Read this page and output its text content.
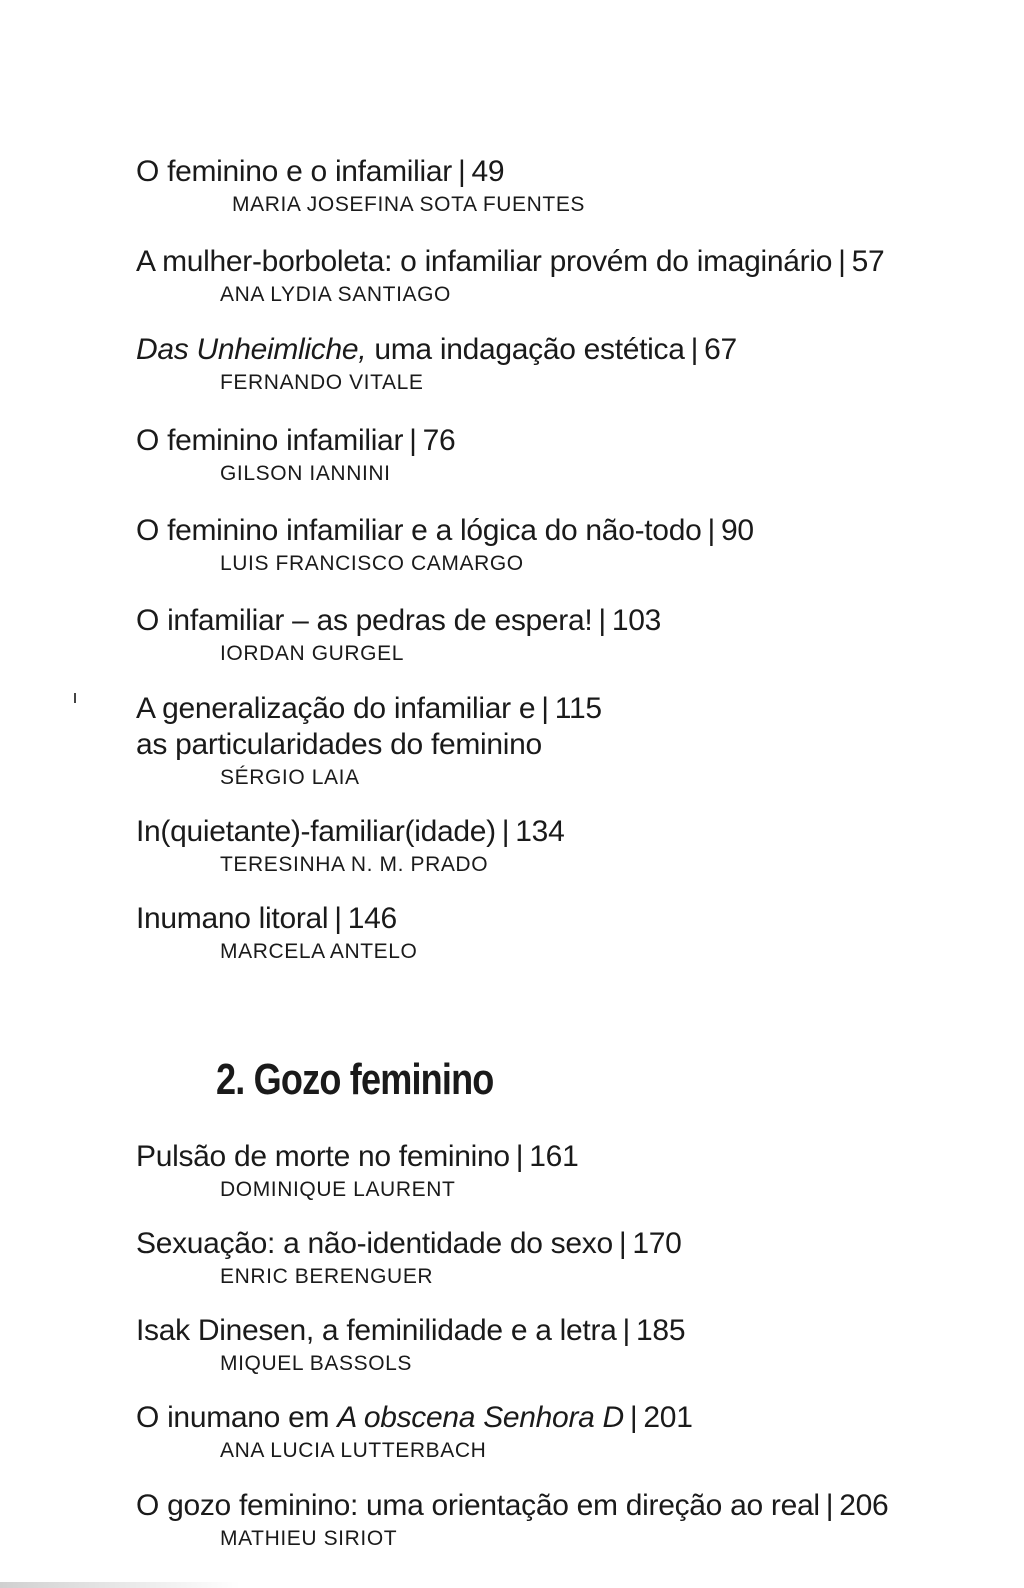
O feminino e o infamiliar | 49
MARIA JOSEFINA SOTA FUENTES
A mulher-borboleta: o infamiliar provém do imaginário | 57
ANA LYDIA SANTIAGO
Das Unheimliche, uma indagação estética | 67
FERNANDO VITALE
O feminino infamiliar | 76
GILSON IANNINI
O feminino infamiliar e a lógica do não-todo | 90
LUIS FRANCISCO CAMARGO
O infamiliar – as pedras de espera! | 103
IORDAN GURGEL
A generalização do infamiliar e | 115
as particularidades do feminino
SÉRGIO LAIA
In(quietante)-familiar(idade) | 134
TERESINHA N. M. PRADO
Inumano litoral | 146
MARCELA ANTELO
2. Gozo feminino
Pulsão de morte no feminino | 161
DOMINIQUE LAURENT
Sexuação: a não-identidade do sexo | 170
ENRIC BERENGUER
Isak Dinesen, a feminilidade e a letra | 185
MIQUEL BASSOLS
O inumano em A obscena Senhora D | 201
ANA LUCIA LUTTERBACH
O gozo feminino: uma orientação em direção ao real | 206
MATHIEU SIRIOT
